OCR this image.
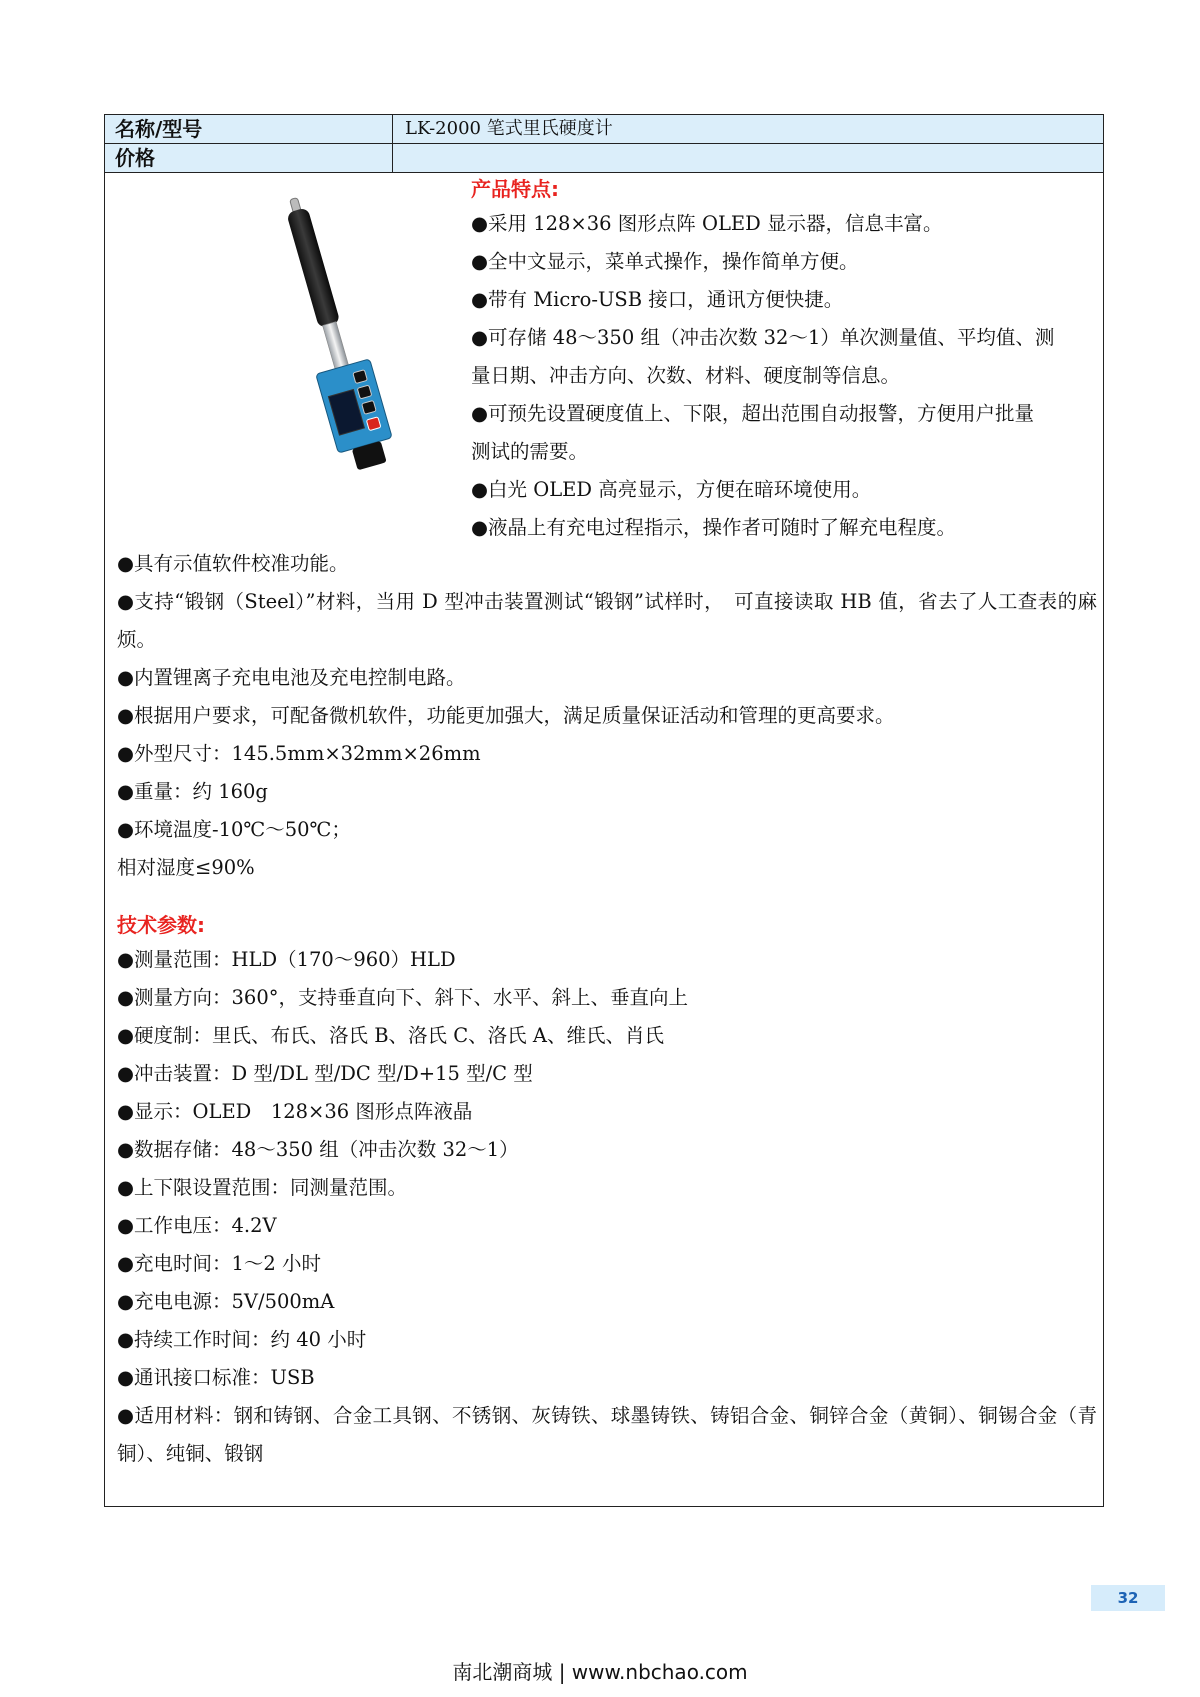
名称/型号	LK-2000 笔式里氏硬度计
价格
产品特点:
●采用 128×36 图形点阵 OLED 显示器，信息丰富。
●全中文显示，菜单式操作，操作简单方便。
●带有 Micro-USB 接口，通讯方便快捷。
●可存储 48～350 组（冲击次数 32～1）单次测量值、平均值、测
量日期、冲击方向、次数、材料、硬度制等信息。
●可预先设置硬度值上、下限，超出范围自动报警，方便用户批量
测试的需要。
●白光 OLED 高亮显示，方便在暗环境使用。
●液晶上有充电过程指示，操作者可随时了解充电程度。
●具有示值软件校准功能。
●支持“锻钢（Steel）”材料，当用 D 型冲击装置测试“锻钢”试样时，　可直接读取 HB 值，省去了人工查表的麻烦。
●内置锂离子充电电池及充电控制电路。
●根据用户要求，可配备微机软件，功能更加强大，满足质量保证活动和管理的更高要求。
●外型尺寸：145.5mm×32mm×26mm
●重量：约 160g
●环境温度-10℃～50℃；
相对湿度≤90%
技术参数:
●测量范围：HLD（170～960）HLD
●测量方向：360°，支持垂直向下、斜下、水平、斜上、垂直向上
●硬度制：里氏、布氏、洛氏 B、洛氏 C、洛氏 A、维氏、肖氏
●冲击装置：D 型/DL 型/DC 型/D+15 型/C 型
●显示：OLED　128×36 图形点阵液晶
●数据存储：48～350 组（冲击次数 32～1）
●上下限设置范围：同测量范围。
●工作电压：4.2V
●充电时间：1～2 小时
●充电电源：5V/500mA
●持续工作时间：约 40 小时
●通讯接口标准：USB
●适用材料：钢和铸钢、合金工具钢、不锈钢、灰铸铁、球墨铸铁、铸铝合金、铜锌合金（黄铜）、铜锡合金（青铜）、纯铜、锻钢
32
南北潮商城 | www.nbchao.com
